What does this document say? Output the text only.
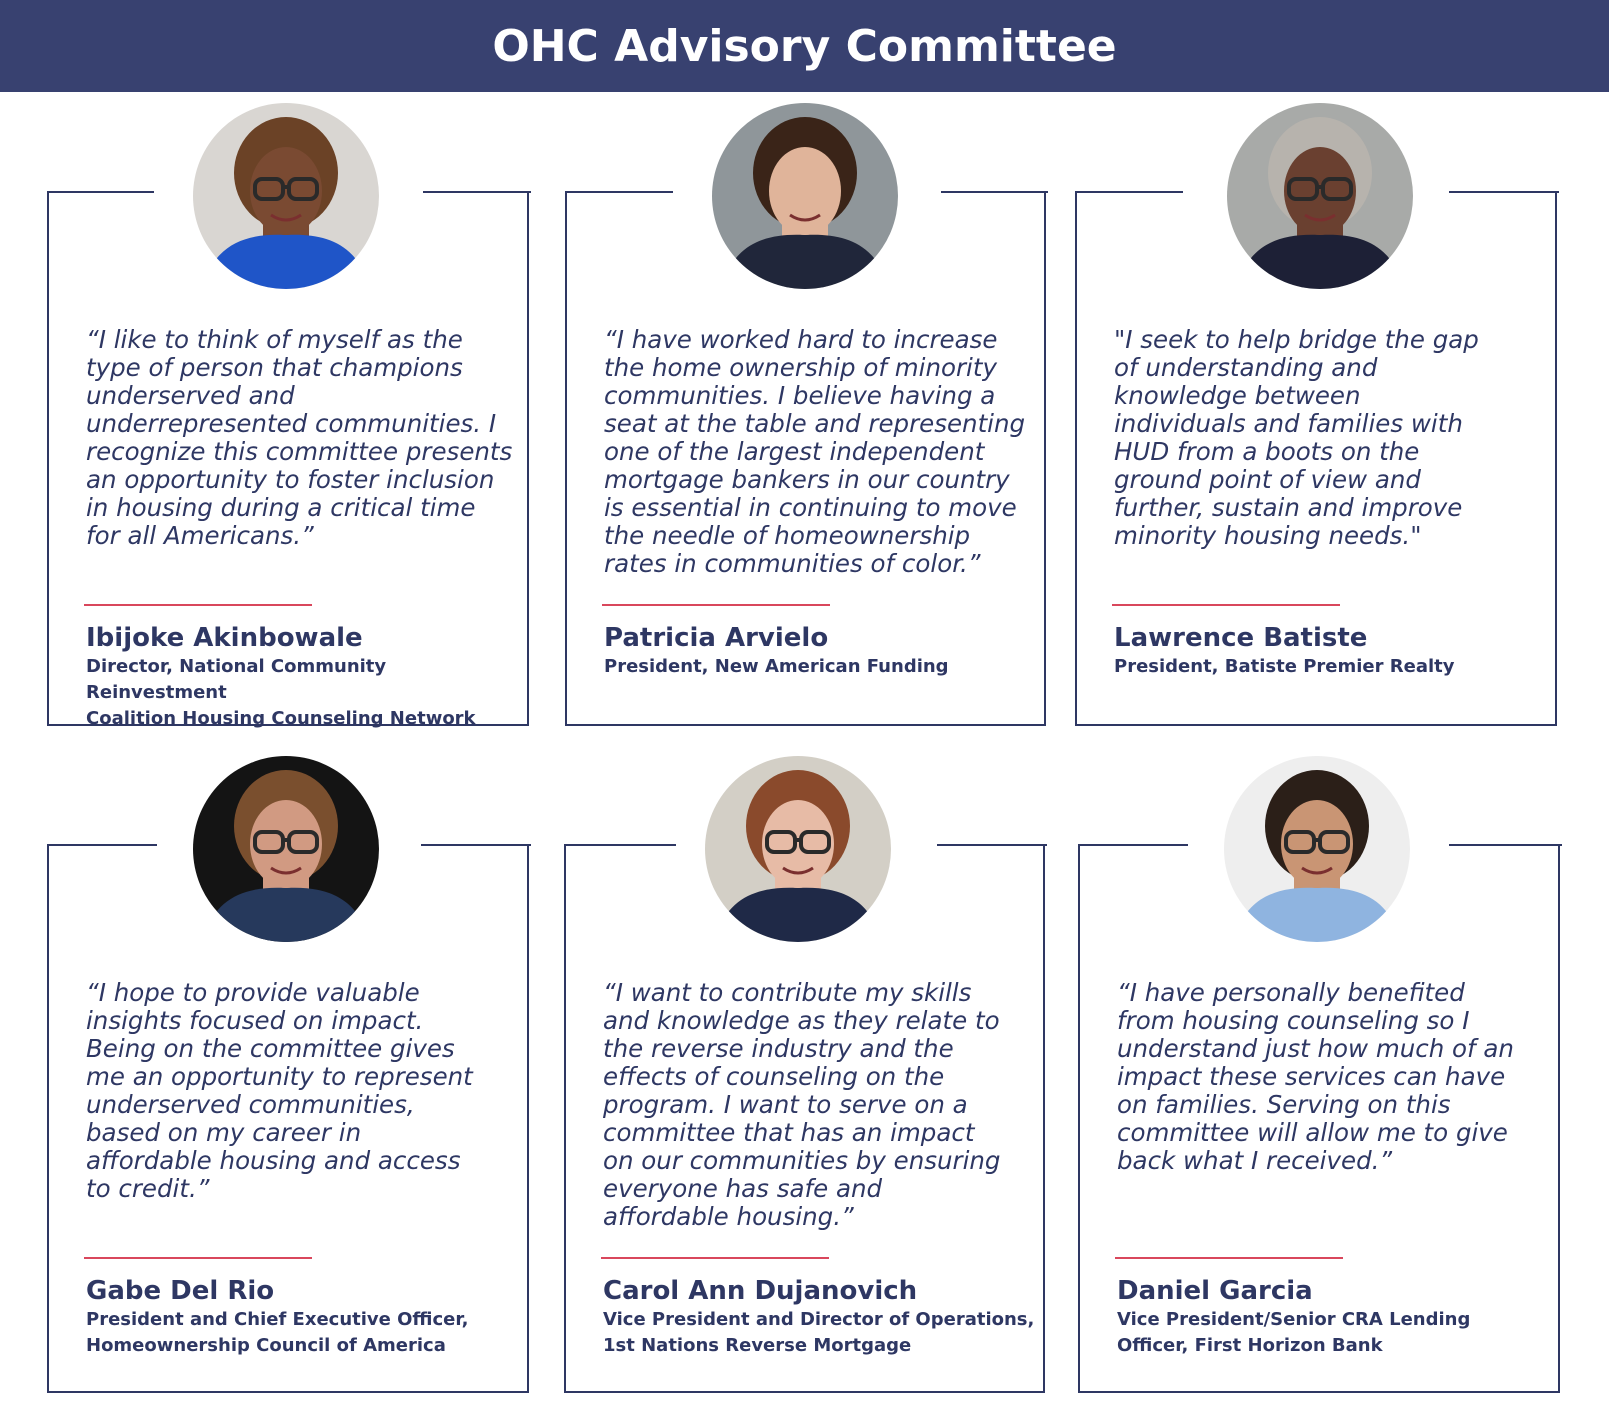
OHC Advisory Committee

“I like to think of myself as the
type of person that champions
underserved and
underrepresented communities. I
recognize this committee presents
an opportunity to foster inclusion
in housing during a critical time
for all Americans.”

Ibijoke Akinbowale

Director, National Community Reinvestment
Coalition Housing Counseling Network

“I have worked hard to increase
the home ownership of minority
communities. I believe having a
seat at the table and representing
one of the largest independent
mortgage bankers in our country
is essential in continuing to move
the needle of homeownership
rates in communities of color.”

Patricia Arvielo

President, New American Funding

"I seek to help bridge the gap
of understanding and
knowledge between
individuals and families with
HUD from a boots on the
ground point of view and
further, sustain and improve
minority housing needs."

Lawrence Batiste

President, Batiste Premier Realty

“I hope to provide valuable
insights focused on impact.
Being on the committee gives
me an opportunity to represent
underserved communities,
based on my career in
affordable housing and access
to credit.”

Gabe Del Rio

President and Chief Executive Officer,
Homeownership Council of America

“I want to contribute my skills
and knowledge as they relate to
the reverse industry and the
effects of counseling on the
program. I want to serve on a
committee that has an impact
on our communities by ensuring
everyone has safe and
affordable housing.”

Carol Ann Dujanovich

Vice President and Director of Operations,
1st Nations Reverse Mortgage

“I have personally benefited
from housing counseling so I
understand just how much of an
impact these services can have
on families. Serving on this
committee will allow me to give
back what I received.”

Daniel Garcia

Vice President/Senior CRA Lending
Officer, First Horizon Bank
